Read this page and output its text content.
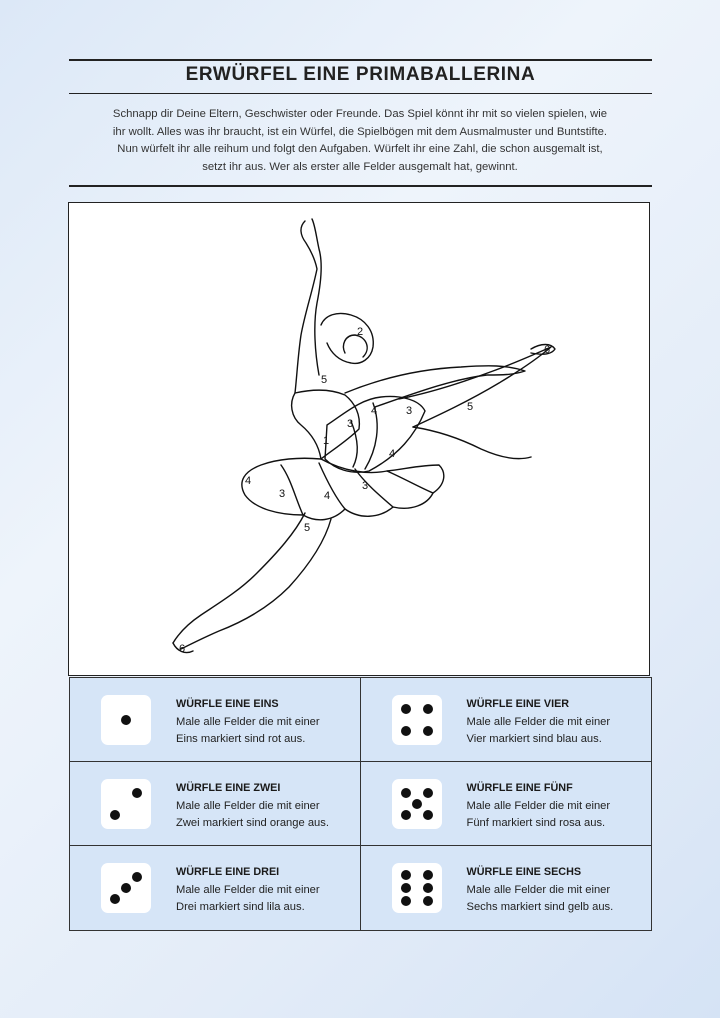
ERWÜRFEL EINE PRIMABALLERINA
Schnapp dir Deine Eltern, Geschwister oder Freunde. Das Spiel könnt ihr mit so vielen spielen, wie
ihr wollt. Alles was ihr braucht, ist ein Würfel, die Spielbögen mit dem Ausmalmuster und Buntstifte.
Nun würfelt ihr alle reihum und folgt den Aufgaben. Würfelt ihr eine Zahl, die schon ausgemalt ist,
setzt ihr aus. Wer als erster alle Felder ausgemalt hat, gewinnt.
2
6
5
5
4	3
3
1
4
4
3	4
3
5
6
WÜRFLE EINE EINS
Male alle Felder die mit einer
Eins markiert sind rot aus.
WÜRFLE EINE VIER
Male alle Felder die mit einer
Vier markiert sind blau aus.
WÜRFLE EINE ZWEI
Male alle Felder die mit einer
Zwei markiert sind orange aus.
WÜRFLE EINE FÜNF
Male alle Felder die mit einer
Fünf markiert sind rosa aus.
WÜRFLE EINE DREI
Male alle Felder die mit einer
Drei markiert sind lila aus.
WÜRFLE EINE SECHS
Male alle Felder die mit einer
Sechs markiert sind gelb aus.
